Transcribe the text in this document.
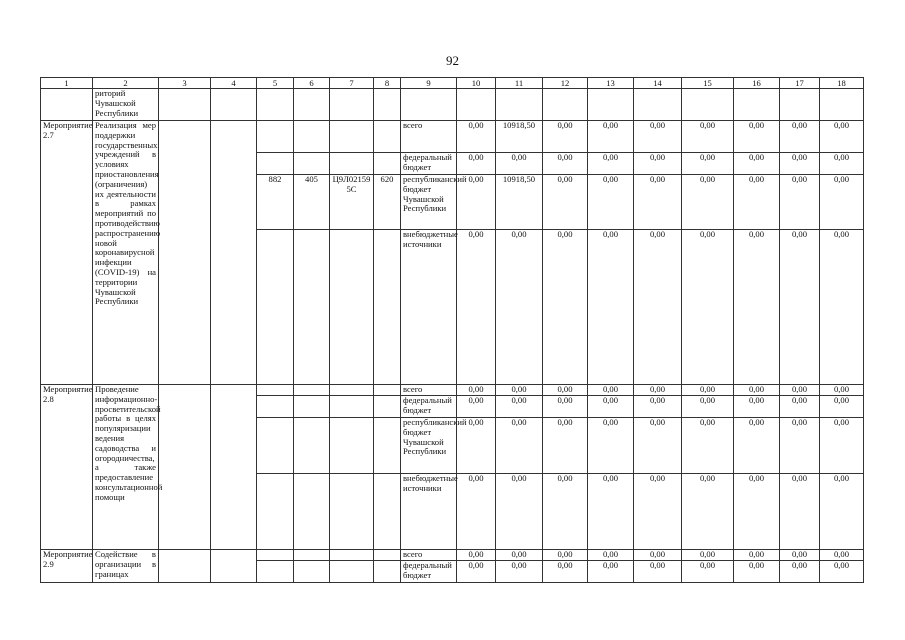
92
1	2	3	4	5	6	7	8	9	10	11	12	13	14	15	16	17	18
	риторий Чувашской Республики																
Мероприятие 2.7	Реализация мер поддержки государственных учреждений в условиях приостановления (ограничения) их деятельности в рамках мероприятий по противодействию распространению новой коронавирусной инфекции (COVID-19) на территории Чувашской Республики							всего	0,00	10918,50	0,00	0,00	0,00	0,00	0,00	0,00	0,00
								федеральный бюджет	0,00	0,00	0,00	0,00	0,00	0,00	0,00	0,00	0,00
				882	405	Ц9Л021595С	620	республиканский бюджет Чувашской Республики	0,00	10918,50	0,00	0,00	0,00	0,00	0,00	0,00	0,00
								внебюджетные источники	0,00	0,00	0,00	0,00	0,00	0,00	0,00	0,00	0,00
Мероприятие 2.8	Проведение информационно-просветительской работы в целях популяризации ведения садоводства и огородничества, а также предоставление консультационной помощи							всего	0,00	0,00	0,00	0,00	0,00	0,00	0,00	0,00	0,00
								федеральный бюджет	0,00	0,00	0,00	0,00	0,00	0,00	0,00	0,00	0,00
								республиканский бюджет Чувашской Республики	0,00	0,00	0,00	0,00	0,00	0,00	0,00	0,00	0,00
								внебюджетные источники	0,00	0,00	0,00	0,00	0,00	0,00	0,00	0,00	0,00
Мероприятие 2.9	Содействие в организации в границах							всего	0,00	0,00	0,00	0,00	0,00	0,00	0,00	0,00	0,00
								федеральный бюджет	0,00	0,00	0,00	0,00	0,00	0,00	0,00	0,00	0,00
